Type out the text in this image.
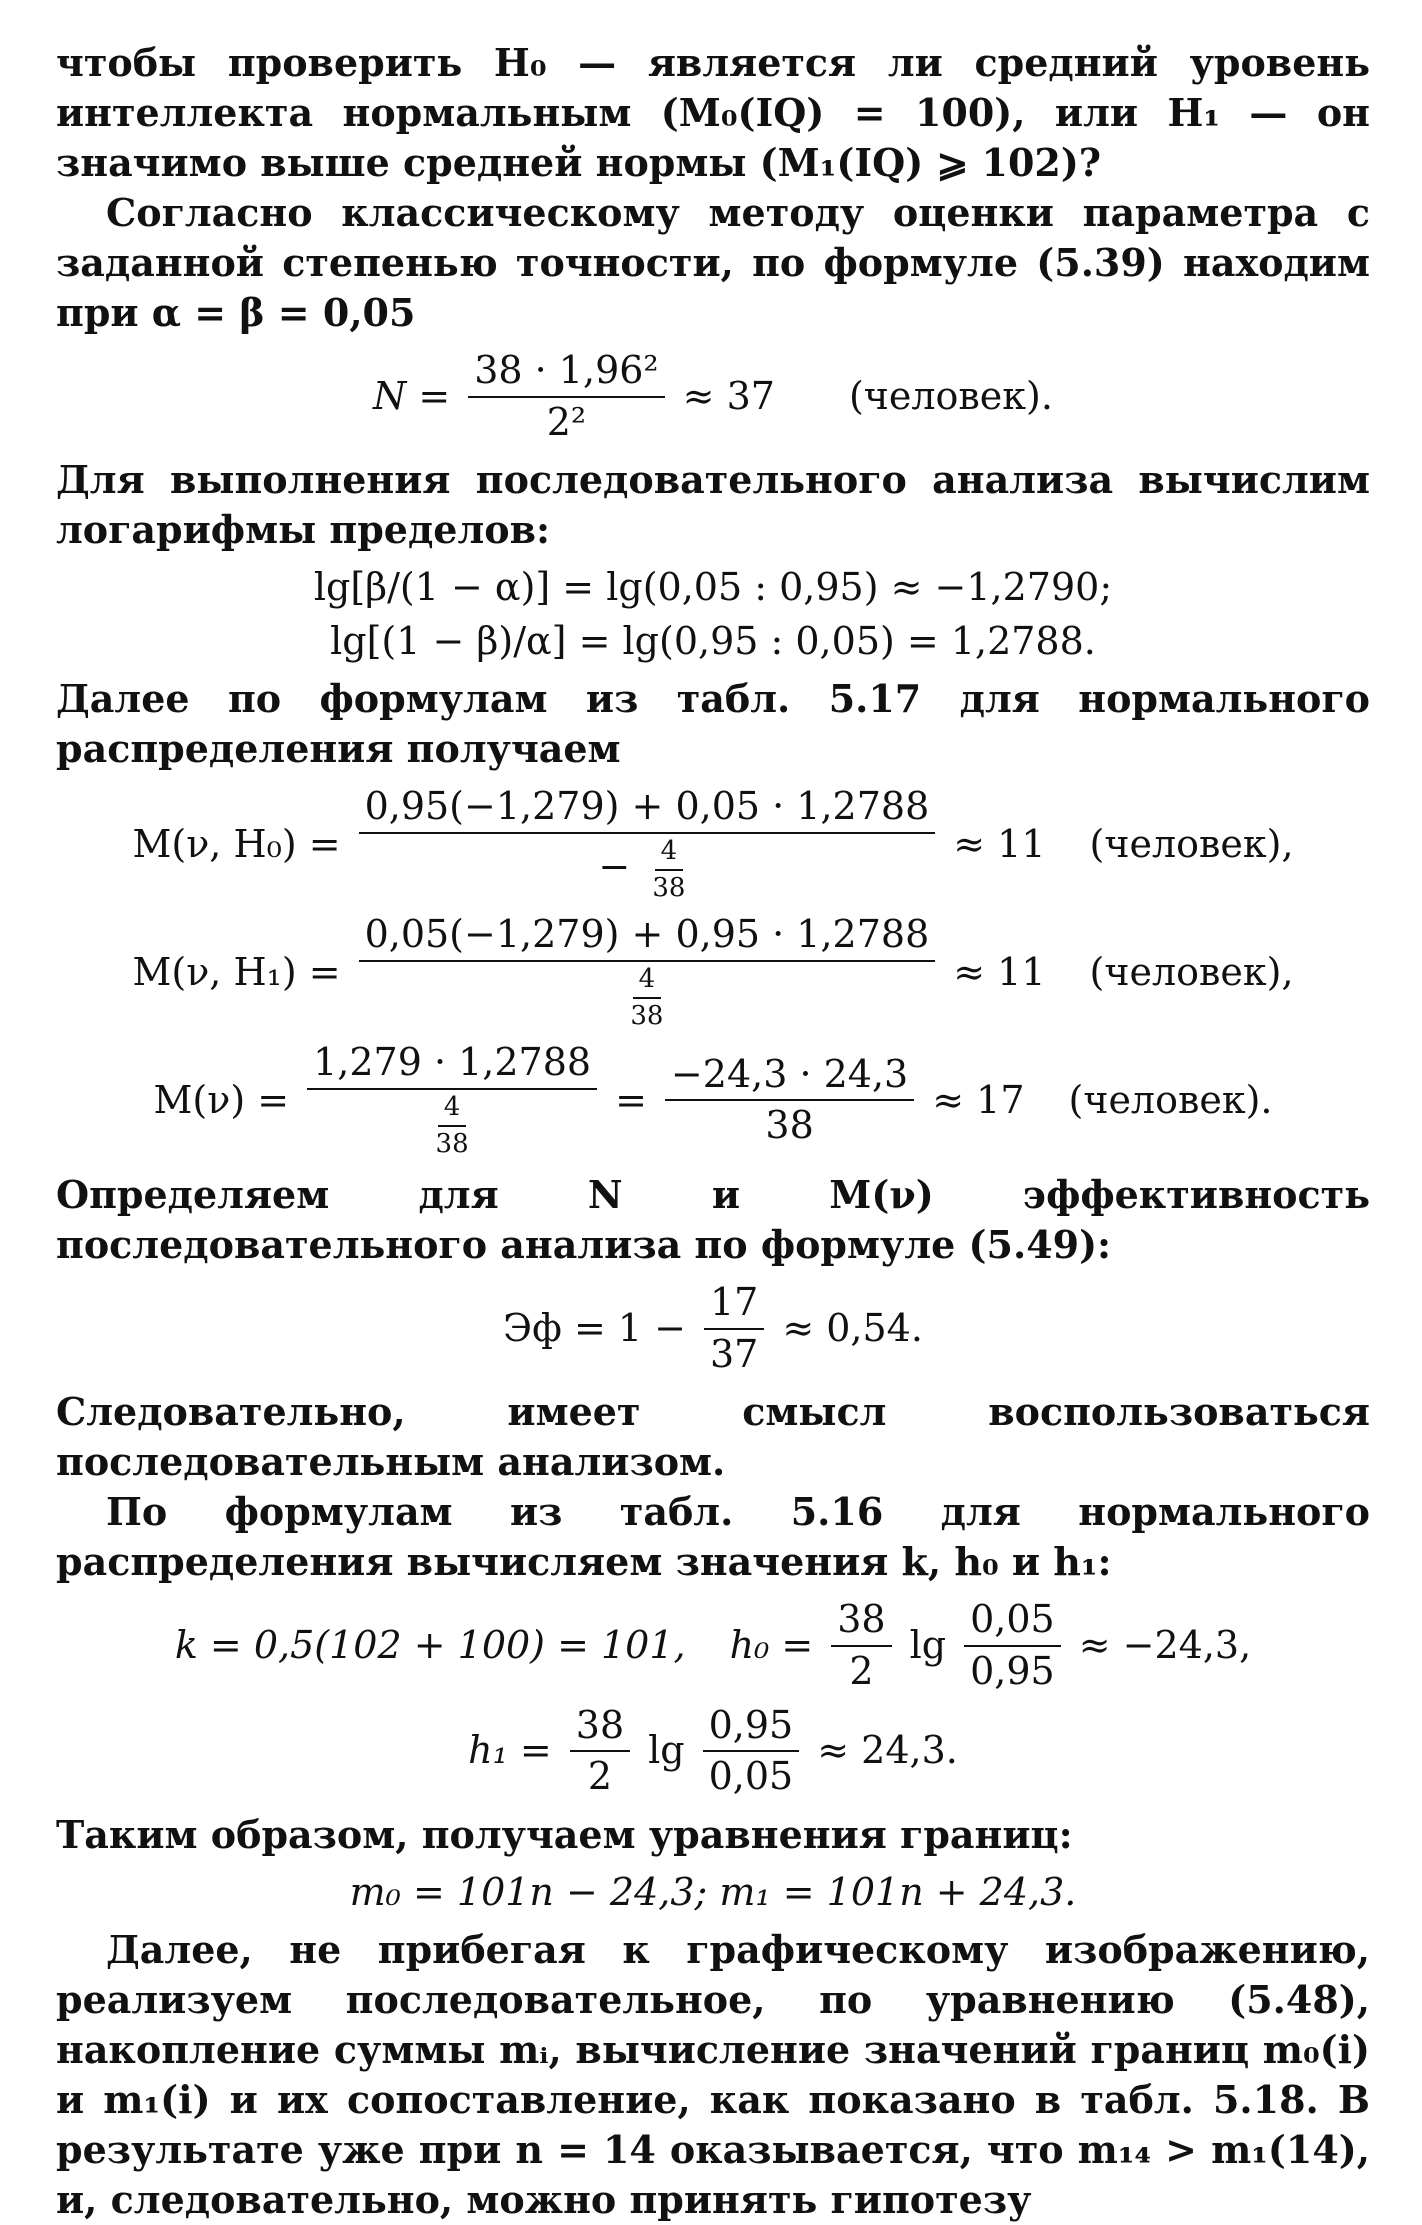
чтобы проверить H₀ — является ли средний уровень интеллекта нормальным (M₀(IQ) = 100), или H₁ — он значимо выше средней нормы (M₁(IQ) ⩾ 102)?

Согласно классическому методу оценки параметра с заданной степенью точности, по формуле (5.39) находим при α = β = 0,05

$N = \frac{\text{38 · 1,96²}}{\text{2²}} \approx 37$ (человек).

Для выполнения последовательного анализа вычислим логарифмы пределов:

lg[β/(1 − α)] = lg(0,05 : 0,95) ≈ −1,2790;
lg[(1 − β)/α] = lg(0,95 : 0,05) = 1,2788.

Далее по формулам из табл. 5.17 для нормального распределения получаем

M(ν, $H_0) = \frac{0,95(-1,279) + 0,05 \cdot 1,2788}{- \frac{4}{38}} \approx 11$ (человек),
M(ν, $H_1) = \frac{0,05(-1,279) + 0,95 \cdot 1,2788}{\frac{4}{38}} \approx 11$ (человек),
$M(\nu) = \frac{1,279 \cdot 1,2788}{\frac{4}{38}} = \frac{-24,3 \cdot 24,3}{38} \approx 17$ (человек).

Определяем для N и M(ν) эффективность последовательного анализа по формуле (5.49):

Эф = $1 - \frac{17}{37} \approx 0,54$.

Следовательно, имеет смысл воспользоваться последовательным анализом.

По формулам из табл. 5.16 для нормального распределения вычисляем значения k, h₀ и h₁:

k = 0,5(102 + 100) = 101, $h_0 = \frac{38}{2}$ $\lg \frac{0,05}{0,95} \approx -24,3$,
$h_1 = \frac{38}{2}$ $\lg \frac{0,95}{0,05} \approx 24,3$.

Таким образом, получаем уравнения границ:

m₀ = 101n − 24,3; m₁ = 101n + 24,3.

Далее, не прибегая к графическому изображению, реализуем последовательное, по уравнению (5.48), накопление суммы mᵢ, вычисление значений границ m₀(i) и m₁(i) и их сопоставление, как показано в табл. 5.18. В результате уже при n = 14 оказывается, что m₁₄ > m₁(14), и, следовательно, можно принять гипотезу
